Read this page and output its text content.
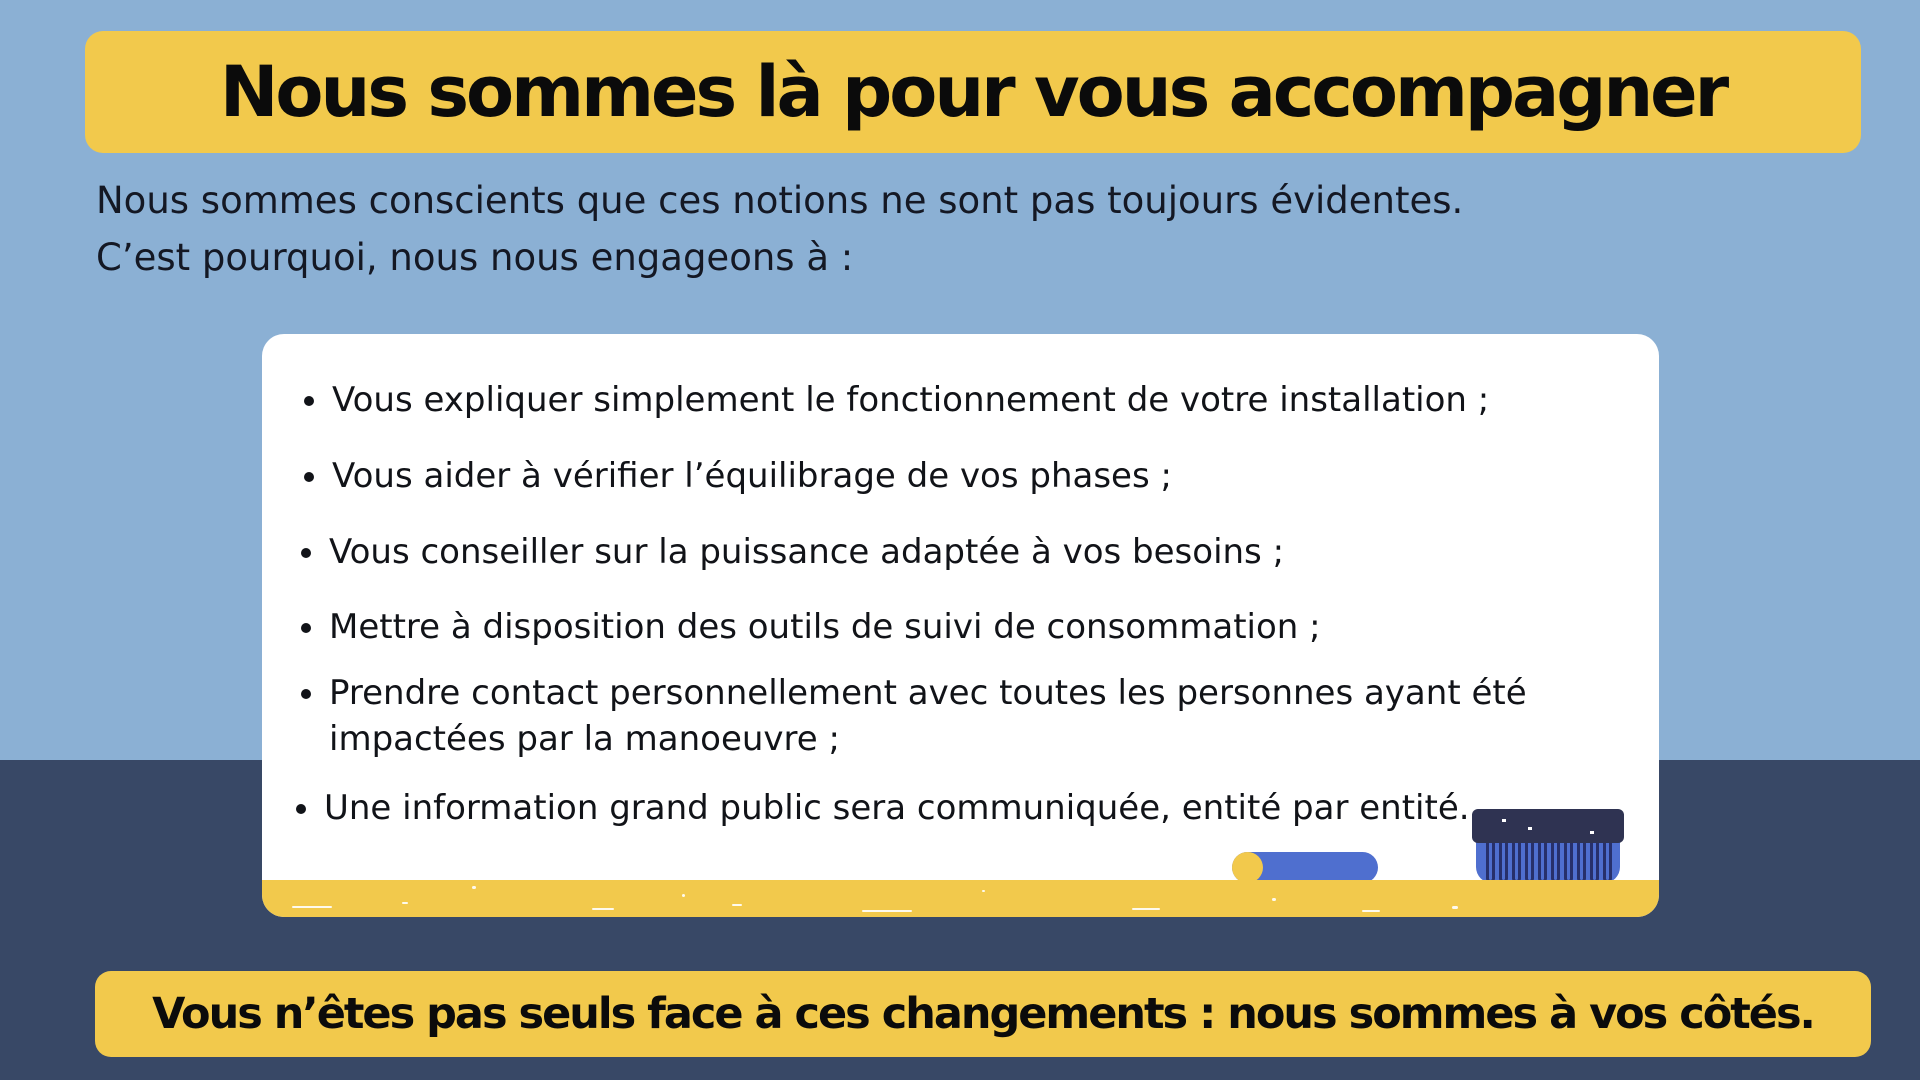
Nous sommes là pour vous accompagner
Nous sommes conscients que ces notions ne sont pas toujours évidentes.
C’est pourquoi, nous nous engageons à :
Vous expliquer simplement le fonctionnement de votre installation ;
Vous aider à vérifier l’équilibrage de vos phases ;
Vous conseiller sur la puissance adaptée à vos besoins ;
Mettre à disposition des outils de suivi de consommation ;
Prendre contact personnellement avec toutes les personnes ayant été impactées par la manoeuvre ;
Une information grand public sera communiquée, entité par entité.
Vous n’êtes pas seuls face à ces changements : nous sommes à vos côtés.
